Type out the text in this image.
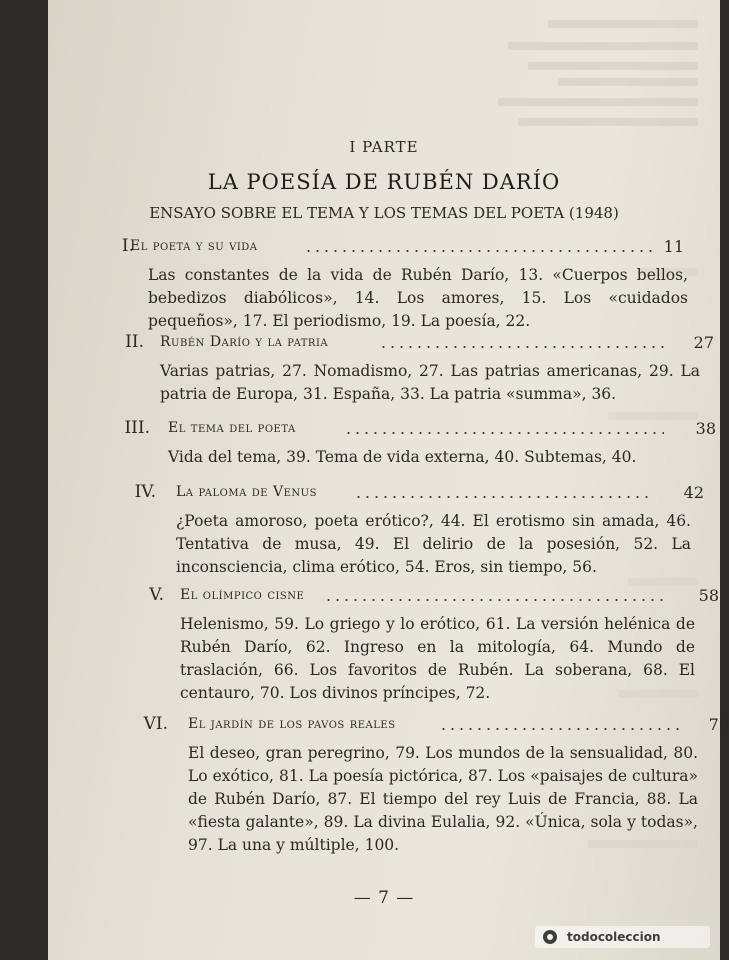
I PARTE
LA POESÍA DE RUBÉN DARÍO
ENSAYO SOBRE EL TEMA Y LOS TEMAS DEL POETA (1948)
I.
El poeta y su vida	11
Las constantes de la vida de Rubén Darío, 13. «Cuerpos bellos, bebedizos diabólicos», 14. Los amores, 15. Los «cuidados pequeños», 17. El periodismo, 19. La poesía, 22.
II. Rubén Darío y la patria	27
Varias patrias, 27. Nomadismo, 27. Las patrias americanas, 29. La patria de Europa, 31. España, 33. La patria «summa», 36.
III. El tema del poeta	38
Vida del tema, 39. Tema de vida externa, 40. Subtemas, 40.
IV. La paloma de Venus	42
¿Poeta amoroso, poeta erótico?, 44. El erotismo sin amada, 46. Tentativa de musa, 49. El delirio de la posesión, 52. La inconsciencia, clima erótico, 54. Eros, sin tiempo, 56.
V. El olímpico cisne	58
Helenismo, 59. Lo griego y lo erótico, 61. La versión helénica de Rubén Darío, 62. Ingreso en la mitología, 64. Mundo de traslación, 66. Los favoritos de Rubén. La soberana, 68. El centauro, 70. Los divinos príncipes, 72.
VI. El jardín de los pavos reales	79
El deseo, gran peregrino, 79. Los mundos de la sensualidad, 80. Lo exótico, 81. La poesía pictórica, 87. Los «paisajes de cultura» de Rubén Darío, 87. El tiempo del rey Luis de Francia, 88. La «fiesta galante», 89. La divina Eulalia, 92. «Única, sola y todas», 97. La una y múltiple, 100.
— 7 —
todocoleccion
